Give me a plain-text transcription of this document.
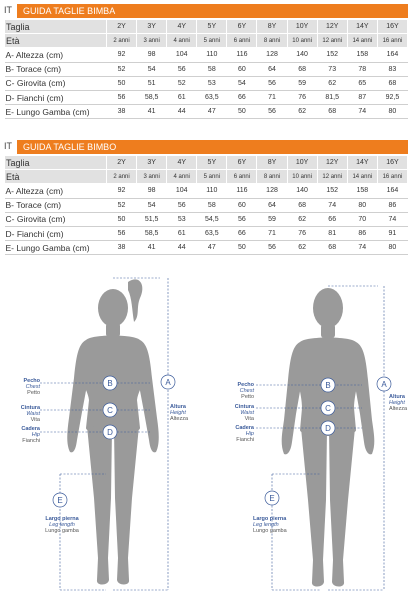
IT GUIDA TAGLIE BIMBA
Taglia	2Y	3Y	4Y	5Y	6Y	8Y	10Y	12Y	14Y	16Y
Età	2 anni	3 anni	4 anni	5 anni	6 anni	8 anni	10 anni	12 anni	14 anni	16 anni
A- Altezza (cm)	92	98	104	110	116	128	140	152	158	164
B- Torace (cm)	52	54	56	58	60	64	68	73	78	83
C- Girovita (cm)	50	51	52	53	54	56	59	62	65	68
D- Fianchi (cm)	56	58,5	61	63,5	66	71	76	81,5	87	92,5
E- Lungo Gamba (cm)	38	41	44	47	50	56	62	68	74	80
IT GUIDA TAGLIE BIMBO
Taglia	2Y	3Y	4Y	5Y	6Y	8Y	10Y	12Y	14Y	16Y
Età	2 anni	3 anni	4 anni	5 anni	6 anni	8 anni	10 anni	12 anni	14 anni	16 anni
A- Altezza (cm)	92	98	104	110	116	128	140	152	158	164
B- Torace (cm)	52	54	56	58	60	64	68	74	80	86
C- Girovita (cm)	50	51,5	53	54,5	56	59	62	66	70	74
D- Fianchi (cm)	56	58,5	61	63,5	66	71	76	81	86	91
E- Lungo Gamba (cm)	38	41	44	47	50	56	62	68	74	80
A
B
C
D
E
Pecho
Chest
Petto
Cintura
Waist
Vita
Cadera
Hip
Fianchi
Largo pierna
Leg length
Lungo gamba
Altura
Height
Altezza
A
B
C
D
E
Pecho
Chest
Petto
Cintura
Waist
Vita
Cadera
Hip
Fianchi
Largo pierna
Leg length
Lungo gamba
Altura
Height
Altezza
